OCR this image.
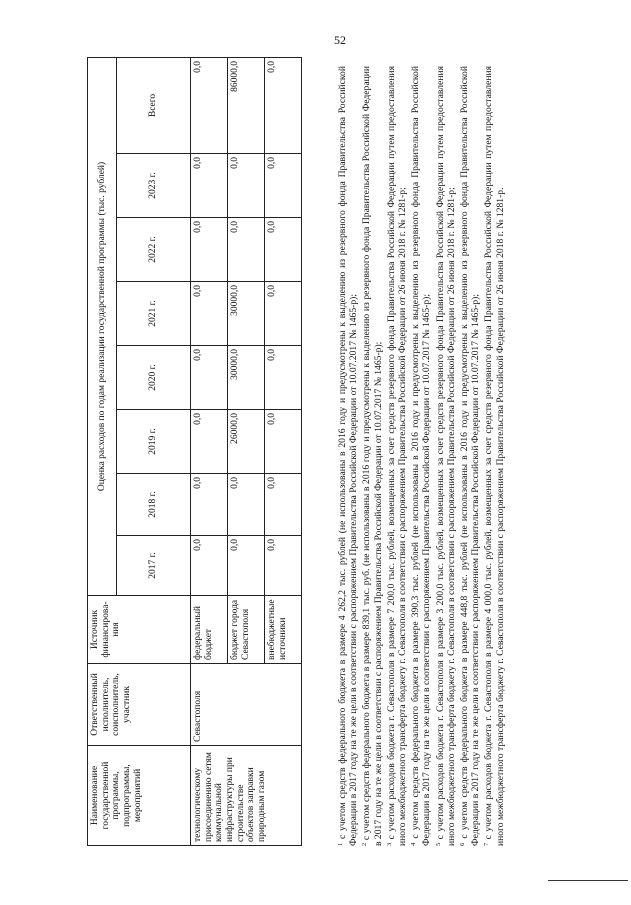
52
Наименование государственной программы, подпрограммы, мероприятий	Ответственный исполнитель, соисполнитель, участник	Источник финансирова-ния	Оценка расходов по годам реализации государственной программы (тыс. рублей)							
			2017 г.	2018 г.	2019 г.	2020 г.	2021 г.	2022 г.	2023 г.	Всего
технологическому присоединению сетям коммунальной инфраструктуры при строительстве объектов заправки природным газом	Севастополя	федеральный бюджет	0,0	0,0	0,0	0,0	0,0	0,0	0,0	0,0
		бюджет города Севастополя	0,0	0,0	26000,0	30000,0	30000,0	0,0	0,0	86000,0
		внебюджетные источники	0,0	0,0	0,0	0,0	0,0	0,0	0,0	0,0

$^1$ с учетом средств федерального бюджета в размере 4 262,2 тыс. рублей (не использованы в 2016 году и предусмотрены к выделению из резервного фонда Правительства Российской Федерации в 2017 году на те же цели в соответствии с распоряжением Правительства Российской Федерации от 10.07.2017 № 1465-р); $^2$ с учетом средств федерального бюджета в размере 839,1 тыс. руб. (не использованы в 2016 году и предусмотрены к выделению из резервного фонда Правительства Российской Федерации в 2017 году на те же цели в соответствии с распоряжением Правительства Российской Федерации от 10.07.2017 № 1465-р); $^3$ с учетом расходов бюджета г. Севастополя в размере 7 200,0 тыс. рублей, возмещенных за счет средств резервного фонда Правительства Российской Федерации путем предоставления иного межбюджетного трансферта бюджету г. Севастополя в соответствии с распоряжением Правительства Российской Федерации от 26 июня 2018 г. № 1281-р; $^4$ с учетом средств федерального бюджета в размере 390,3 тыс. рублей (не использованы в 2016 году и предусмотрены к выделению из резервного фонда Правительства Российской Федерации в 2017 году на те же цели в соответствии с распоряжением Правительства Российской Федерации от 10.07.2017 № 1465-р); $^5$ с учетом расходов бюджета г. Севастополя в размере 3 200,0 тыс. рублей, возмещенных за счет средств резервного фонда Правительства Российской Федерации путем предоставления иного межбюджетного трансферта бюджету г. Севастополя в соответствии с распоряжением Правительства Российской Федерации от 26 июня 2018 г. № 1281-р; $^6$ с учетом средств федерального бюджета в размере 448,8 тыс. рублей (не использованы в 2016 году и предусмотрены к выделению из резервного фонда Правительства Российской Федерации в 2017 году на те же цели в соответствии с распоряжением Правительства Российской Федерации от 10.07.2017 № 1465-р); $^7$ с учетом расходов бюджета г. Севастополя в размере 4 000,0 тыс. рублей, возмещенных за счет средств резервного фонда Правительства Российской Федерации путем предоставления иного межбюджетного трансферта бюджету г. Севастополя в соответствии с распоряжением Правительства Российской Федерации от 26 июня 2018 г. № 1281-р.
